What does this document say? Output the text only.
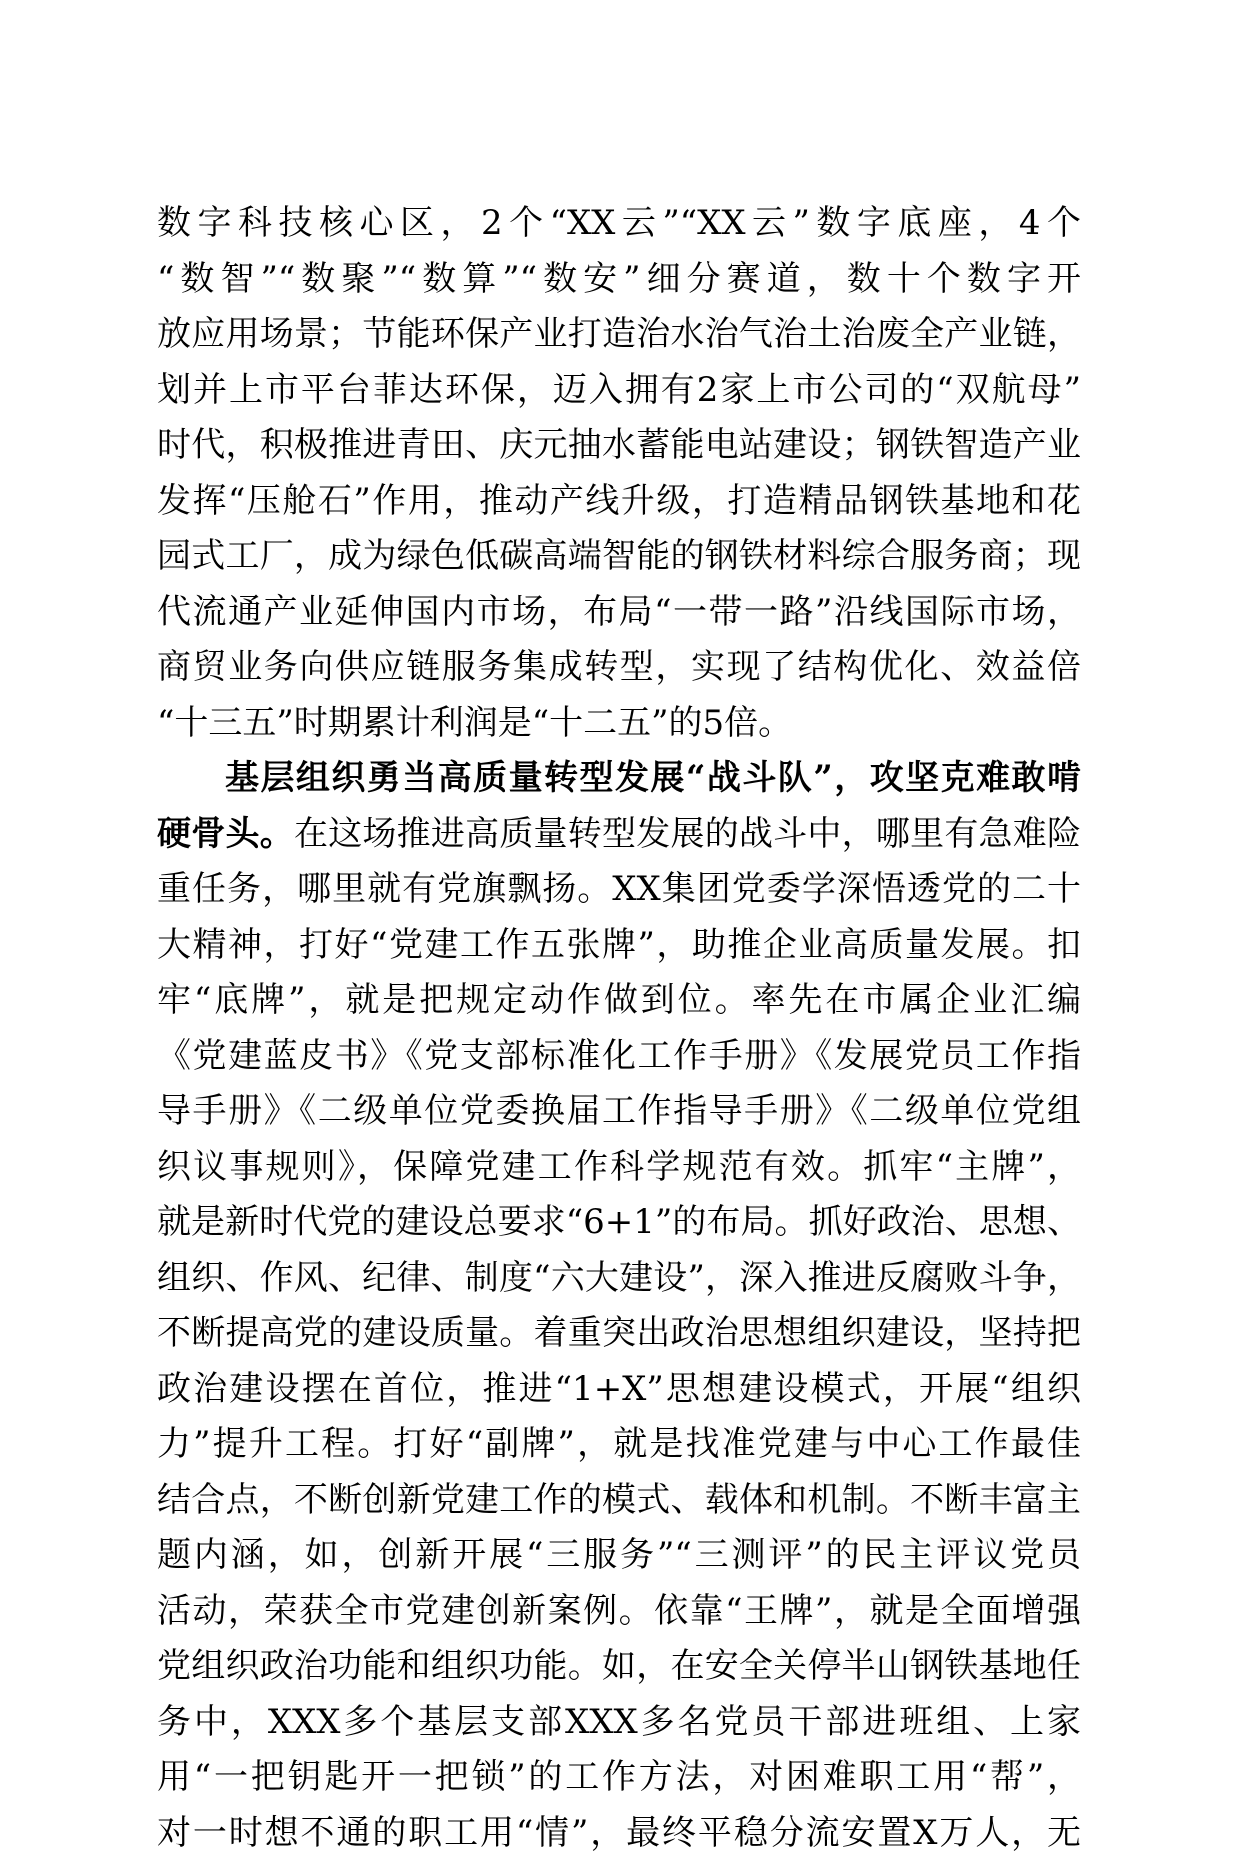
数字科技核心区，2个“XX云”“XX云”数字底座，4个
“数智”“数聚”“数算”“数安”细分赛道，数十个数字开
放应用场景；节能环保产业打造治水治气治土治废全产业链，
划并上市平台菲达环保，迈入拥有2家上市公司的“双航母”
时代，积极推进青田、庆元抽水蓄能电站建设；钢铁智造产业
发挥“压舱石”作用，推动产线升级，打造精品钢铁基地和花
园式工厂，成为绿色低碳高端智能的钢铁材料综合服务商；现
代流通产业延伸国内市场，布局“一带一路”沿线国际市场，
商贸业务向供应链服务集成转型，实现了结构优化、效益倍
“十三五”时期累计利润是“十二五”的5倍。
基层组织勇当高质量转型发展“战斗队”，攻坚克难敢啃
硬骨头。在这场推进高质量转型发展的战斗中，哪里有急难险
重任务，哪里就有党旗飘扬。XX集团党委学深悟透党的二十
大精神，打好“党建工作五张牌”，助推企业高质量发展。扣
牢“底牌”，就是把规定动作做到位。率先在市属企业汇编
《党建蓝皮书》《党支部标准化工作手册》《发展党员工作指
导手册》《二级单位党委换届工作指导手册》《二级单位党组
织议事规则》，保障党建工作科学规范有效。抓牢“主牌”，
就是新时代党的建设总要求“6+1”的布局。抓好政治、思想、
组织、作风、纪律、制度“六大建设”，深入推进反腐败斗争，
不断提高党的建设质量。着重突出政治思想组织建设，坚持把
政治建设摆在首位，推进“1+X”思想建设模式，开展“组织
力”提升工程。打好“副牌”，就是找准党建与中心工作最佳
结合点，不断创新党建工作的模式、载体和机制。不断丰富主
题内涵，如，创新开展“三服务”“三测评”的民主评议党员
活动，荣获全市党建创新案例。依靠“王牌”，就是全面增强
党组织政治功能和组织功能。如，在安全关停半山钢铁基地任
务中，XXX多个基层支部XXX多名党员干部进班组、上家
用“一把钥匙开一把锁”的工作方法，对困难职工用“帮”，
对一时想不通的职工用“情”，最终平稳分流安置X万人，无
